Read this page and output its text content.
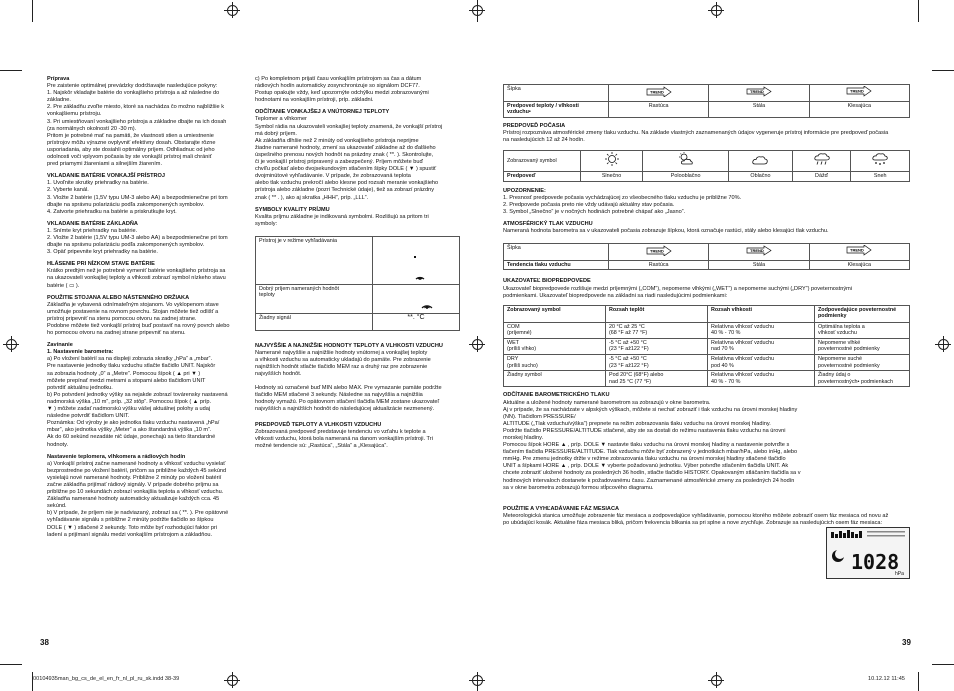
Príprava

Pre zaistenie optimálnej prevádzky dodržiavajte nasledujúce pokyny:
1. Najskôr vkladajte batérie do vonkajšieho prístroja a až následne do
základne.
2. Pre základňu zvoľte miesto, ktoré sa nachádza čo možno najbližšie k
vonkajšiemu prístroju.
3. Pri umiestňovaní vonkajšieho prístroja a základne dbajte na ich dosah
(za normálnych okolností 20 -30 m).
Pritom je potrebné mať na pamäti, že vlastnosti stien a umiestnenie
prístrojov môžu výrazne ovplyvniť efektívny dosah. Obstarajte rôzne
usporiadania, aby ste dosiahli optimálny príjem. Odhliadnuc od jeho
odolnosti voči vplyvom počasia by ste vonkajší prístroj mali chrániť
pred priamymi žiareniami a silnejším žiarením.

VKLADANIE BATÉRIE VONKAJŠÍ PRÍSTROJ

1. Uvoľnite skrutky priehradky na batérie.
2. Vyberte kanál.
3. Vložte 2 batérie (1,5V typu UM-3 alebo AA) a bezpodmienečne pri tom
dbajte na správnu polarizáciu podľa zakomponených symbolov.
4. Zatvorte priehradku na batérie a priskrutkujte kryt.

VKLADANIE BATÉRIE ZÁKLADŇA

1. Snímte kryt priehradky na batérie.
2. Vložte 2 batérie (1,5V typu UM-3 alebo AA) a bezpodmienečne pri tom
dbajte na správnu polarizáciu podľa zakomponených symbolov.
3. Opäť pripevnite kryt priehradky na batérie.

HLÁSENIE PRI NÍZKOM STAVE BATÉRIE

Krátko predtým než je potrebné vymeniť batérie vonkajšieho prístroja sa
na ukazovateli vonkajšej teploty a vlhkosti zobrazí symbol nízkeho stavu
batérie ( ▭ ).

POUŽITIE STOJANA ALEBO NÁSTENNÉHO DRŽIAKA

Základňa je vybavená odnímateľným stojanom. Vo vyklopenom stave
umožňuje postavenie na rovnom povrchu. Stojan môžete tiež odlišť a
prístroj pripevniť na stenu pomocou otvoru na zadnej strane.
Podobne môžete tiež vonkajší prístroj buď postaviť na rovný povrch alebo
ho pomocou otvoru na zadnej strane pripevniť na stenu.

Zavínanie
1. Nastavenie barometra:

a) Po vložení batérií sa na displeji zobrazia skratky „hPa“ a „mbar“.
Pre nastavenie jednotky tlaku vzduchu stlačte tlačidlo UNIT. Najskôr
sa zobrazia hodnoty „0“ a „Metre“. Pomocou šípok ( ▲ pri ▼ )
môžete prepínať medzi metrami a stopami alebo tlačidlom UNIT
potvrdiť aktuálnu jednotku.
b) Po potvrdení jednotky výšky sa nejakde zobrazí továrensky nastavená
nadmorská výška „10 m“, príp. „32 stôp“. Pomocou šípok ( ▲ príp.
▼ ) môžete zadať nadmorskú výšku vášej aktuálnej polohy a udaj
následne potvrdiť tlačidlom UNIT.
Poznámka: Od výroby je ako jednotka tlaku vzduchu nastavená „hPa/
mbar“, ako jednotka výšky „Meter“ a ako štandardná výška „10 m“.
Ak do 60 sekúnd nezadáte nič údaje, ponechajú sa tieto štandardné
hodnoty.

Nastavenie teplomera, vlhkomera a rádiových hodín

a) Vonkajší prístroj začne namerané hodnoty a vlhkosť vzduchu vysielať
bezprostredne po vložení batérií, pričom sa približne každých 45 sekúnd
vysielajú nové namerané hodnoty. Približne 2 minúty po vložení batérií
začne základňa prijímať rádiový signály. V prípade dobrého príjmu sa
približne po 10 sekundách zobrazí vonkajšia teplota a vlhkosť vzduchu.
Základňa namerané hodnoty automaticky aktualizuje každých cca. 45
sekúnd.
b) V prípade, že príjem nie je nadviazaný, zobrazí sa ( **. ). Pre opätovné
vyhľadávanie signálu s približne 2 minúty podržte tlačidlo so šípkou
DOLE ( ▼ ) stlačené 2 sekundy. Toto môže byť rozhodujúci faktor pri
ladení a prijímaní signálu medzi vonkajším prístrojom a základňou.

c) Po kompletnom prijatí času vonkajším prístrojom sa čas a dátum
rádiových hodín automaticky zosynchronizuje so signálom DCF77.
Postup opakujte vždy, keď upozornýte odchýlku medzi zobrazovanými
hodnotami na vonkajším prístroji, príp. základni.

ODČÍTANIE VONKAJŠEJ A VNÚTORNEJ TEPLOTY

Teplomer a vlhkomer
Symbol rádia na ukazovateli vonkajšej teploty znamená, že vonkajší prístroj
má dobrý príjem.
Ak základňa dlhšie než 2 minúty od vonkajšieho prístroja neprijme
žiadne namerané hodnoty, zmení sa ukazovateľ základne až do ďalšieho
úspešného prenosu nových hodnôt na prázdny znak ( **. ). Skontrolujte,
či je vonkajší prístroj pripravený a zabezpečený. Príjem môžete buď
chvíľu počkať alebo dvojsekundovým stlačením šípky DOLE ( ▼ ) spustiť
dvojminútové vyhľadávanie. V prípade, že zobrazovaná teplota
alebo tlak vzduchu prekročí alebo klesne pod rozsah meranie vonkajšieho
prístroja alebo základne (pozri Technické údaje), tiež sa zobrazí prázdny
znak ( ** . ), ako aj skratka „HHH“, príp. „LLL“.

SYMBOLY KVALITY PRÍJMU

Kvalita príjmu základne je indikovaná symbolmi. Rozlišujú sa pritom tri
symboly:

Prístroj je v režime vyhľadávania	

Dobrý príjem nameraných hodnôt
teploty	

Žiadny signál	**. °C

NAJVYŠŠIE A NAJNIŽŠIE HODNOTY TEPLOTY A VLHKOSTI VZDUCHU

Namerané najvyššie a najnižšie hodnoty vnútornej a vonkajšej teploty
a vlhkosti vzduchu sa automaticky ukladajú do pamäte. Pre zobrazenie
najnižších hodnôt stlačte tlačidlo MEM raz a druhý raz pre zobrazenie
najvyšších hodnôt.

Hodnoty sú označené buď MIN alebo MAX. Pre vymazanie pamäte podržte
tlačidlo MEM stlačené 3 sekundy. Následne sa najvyššia a najnižšia
hodnoty vymažú. Po opätovnom stlačení tlačidla MEM zostane ukazovateľ
najvyšších a najnižších hodnôt do následujúcej aktualizácie nezmenený.

PREDPOVEĎ TEPLOTY A VLHKOSTI VZDUCHU

Zobrazovaná predpoveď predstavuje tendenciu vo vzťahu k teplote a
vlhkosti vzduchu, ktorá bola nameraná na danom vonkajším prístroji. Tri
možné tendencie sú: „Rastúca“, „Stála“ a „Klesajúca“.

38
Šípka	TREND	TREND	TREND

Predpoved teploty / vlhkosti
vzduchu•	Rastúca	Stála	Klesajúca

PREDPOVEĎ POČASIA

Prístroj rozpoznáva atmosférické zmeny tlaku vzduchu. Na základe vlastných zaznamenaných údajov vygeneruje prístroj informácie pre predpoveď počasia
na nasledujúcich 12 až 24 hodín.

Zobrazovaný symbol					
Predpoveď	Slnečno	Polooblačno	Oblačno	Dážď	Sneh

UPOZORNENIE:

1. Presnosť predpovede počasia vychádzajúcej zo všeobecného tlaku vzduchu je približne 70%.
2. Predpovede počasia preto nie vždy udávajú aktuálny stav počasia.
3. Symbol „Slnečno“ je v nočných hodinách potrebné chápať ako „Jasno“.

ATMOSFÉRICKÝ TLAK VZDUCHU

Nameraná hodnota barometra sa v ukazovateli počasia zobrazuje šípkou, ktorá označuje rastúci, stály alebo klesajúci tlak vzduchu.

Šípka	TREND	TREND	TREND

Tendencia tlaku vzduchu	Rastúca	Stála	Klesajúca

UKAZOVATEĽ BIOPREDPOVEDE

Ukazovateľ biopredpovede rozlišuje medzi príjemnými („COM“), nepomerne vlhkými („WET“) a nepomerne suchými („DRY“) poveternostnými
podmienkami. Ukazovateľ biopredpovede na základni sa riadi nasledujúcimi podmienkami:

Zobrazovaný symbol	Rozsah teplôt	Rozsah vlhkosti	Zodpovedajúce poveternostné
podmienky
COM
(príjemné)	20 °C až 25 °C
(68 °F až 77 °F)	Relatívna vlhkosť vzduchu
40 % - 70 %	Optimálna teplota a
vlhkosť vzduchu
WET
(príliš vlhko)	-5 °C až +50 °C
(23 °F až122 °F)	Relatívna vlhkosť vzduchu
nad 70 %	Nepomerne vlhké
poveternostné podmienky
DRY
(príliš sucho)	-5 °C až +50 °C
(23 °F až122 °F)	Relatívna vlhkosť vzduchu
pod 40 %	Nepomerne suché
poveternostné podmienky
Žiadny symbol	Pod 20°C (68°F) alebo
nad 25 °C (77 °F)	Relatívna vlhkosť vzduchu
40 % - 70 %	Žiadny údaj o
poveternostných• podmienkach

ODČÍTANIE BAROMETRICKÉHO TLAKU

Aktuálne a uložené hodnoty namerané barometrom sa zobrazujú v okne barometra.
Aj v prípade, že sa nachádzate v alpských výškach, môžete si nechať zobraziť i tlak vzduchu na úrovni morskej hladiny (NN). Tlačidlom PRESSURE/
ALTITUDE („Tlak vzduchu/výška“) prepnete na režim zobrazovania tlaku vzduchu na úrovni morskej hladiny.
Podržte tlačidlo PRESSURE/ALTITUDE stlačené, aby ste sa dostali do režimu nastavenia tlaku vzduchu na úrovni
morskej hladiny.
Pomocou šípok HORE ▲ , príp. DOLE ▼ nastavte tlaku vzduchu na úrovni morskej hladiny a nastavenie potvrďte s
tlačením tlačidla PRESSURE/ALTITUDE. Tlak vzduchu môže byť zobrazený v jednotkách mbar/hPa, alebo inHg, alebo
mmHg. Pre zmenu jednotky držte v režime zobrazovania tlaku vzduchu na úrovni morskej hladiny stlačené tlačidlo
UNIT a šípkami HORE ▲ , príp. DOLE ▼ vyberte požadovanú jednotku. Výber potvrďte stlačením tlačidla UNIT. Ak
chcete zobraziť uložené hodnoty za posledných 36 hodín, stlačte tlačidlo HISTORY. Opakovaným stláčaním tlačidla sa v
hodinových intervaloch dostanete k požadovanému času. Zaznamenané atmosférické zmeny za posledných 24 hodín
sa v okne barometra zobrazujú formou stĺpcového diagramu.

POUŽITIE A VYHĽADÁVANIE FÁZ MESIACA

Meteorologická stanica umožňuje zobrazenie fáz mesiaca a zodpovedajúce vyhľadávanie, pomocou ktorého môžete zobraziť osem fáz mesiaca od novu až
po ubúdajúci kosák. Aktuálne fáza mesiaca bliká, pričom frekvencia blikania sa pri splne a nove zrychľuje. Zobrazuje sa nasledujúcich osem fáz mesiaca:

1028
hPa
39
00104935man_bg_cs_de_el_en_fr_nl_pl_ru_sk.indd 38-39	10.12.12 11:45
